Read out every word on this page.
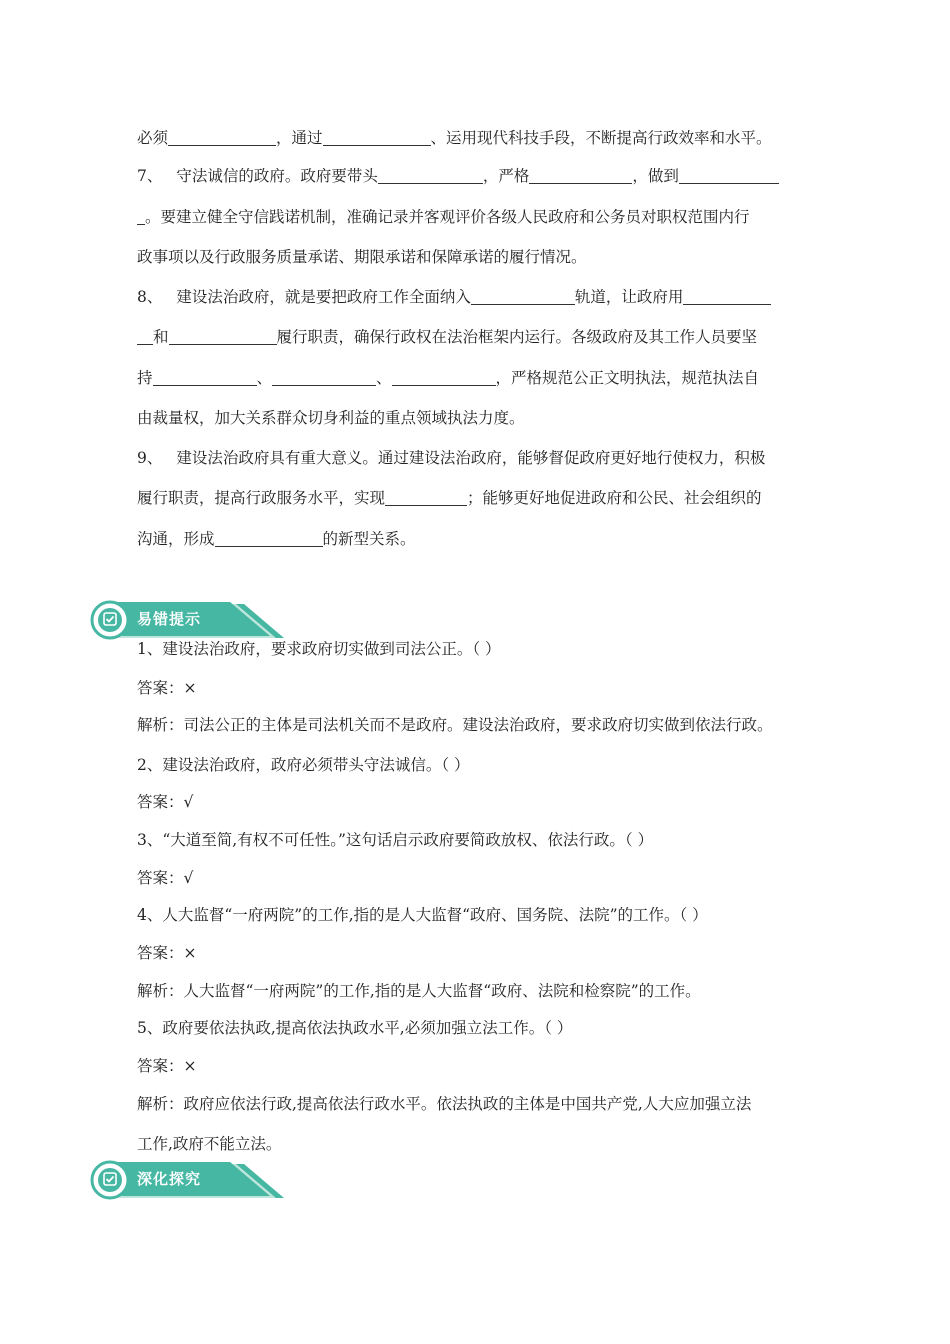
必须	，通过	、运用现代科技手段，不断提高行政效率和水平。
7、 守法诚信的政府。政府要带头	，严格	，做到
。要建立健全守信践诺机制，准确记录并客观评价各级人民政府和公务员对职权范围内行
政事项以及行政服务质量承诺、期限承诺和保障承诺的履行情况。
8、 建设法治政府，就是要把政府工作全面纳入	轨道，让政府用
和	履行职责，确保行政权在法治框架内运行。各级政府及其工作人员要坚
持	、	、	，严格规范公正文明执法，规范执法自
由裁量权，加大关系群众切身利益的重点领域执法力度。
9、 建设法治政府具有重大意义。通过建设法治政府，能够督促政府更好地行使权力，积极
履行职责，提高行政服务水平，实现	；能够更好地促进政府和公民、社会组织的
沟通，形成	的新型关系。
易错提示
1、建设法治政府，要求政府切实做到司法公正。（ ）
答案：×
解析：司法公正的主体是司法机关而不是政府。建设法治政府，要求政府切实做到依法行政。
2、建设法治政府，政府必须带头守法诚信。（ ）
答案：√
3、“大道至简,有权不可任性。”这句话启示政府要简政放权、依法行政。（ ）
答案：√
4、人大监督“一府两院”的工作,指的是人大监督“政府、国务院、法院”的工作。（ ）
答案：×
解析：人大监督“一府两院”的工作,指的是人大监督“政府、法院和检察院”的工作。
5、政府要依法执政,提高依法执政水平,必须加强立法工作。（ ）
答案：×
解析：政府应依法行政,提高依法行政水平。依法执政的主体是中国共产党,人大应加强立法
工作,政府不能立法。
深化探究
